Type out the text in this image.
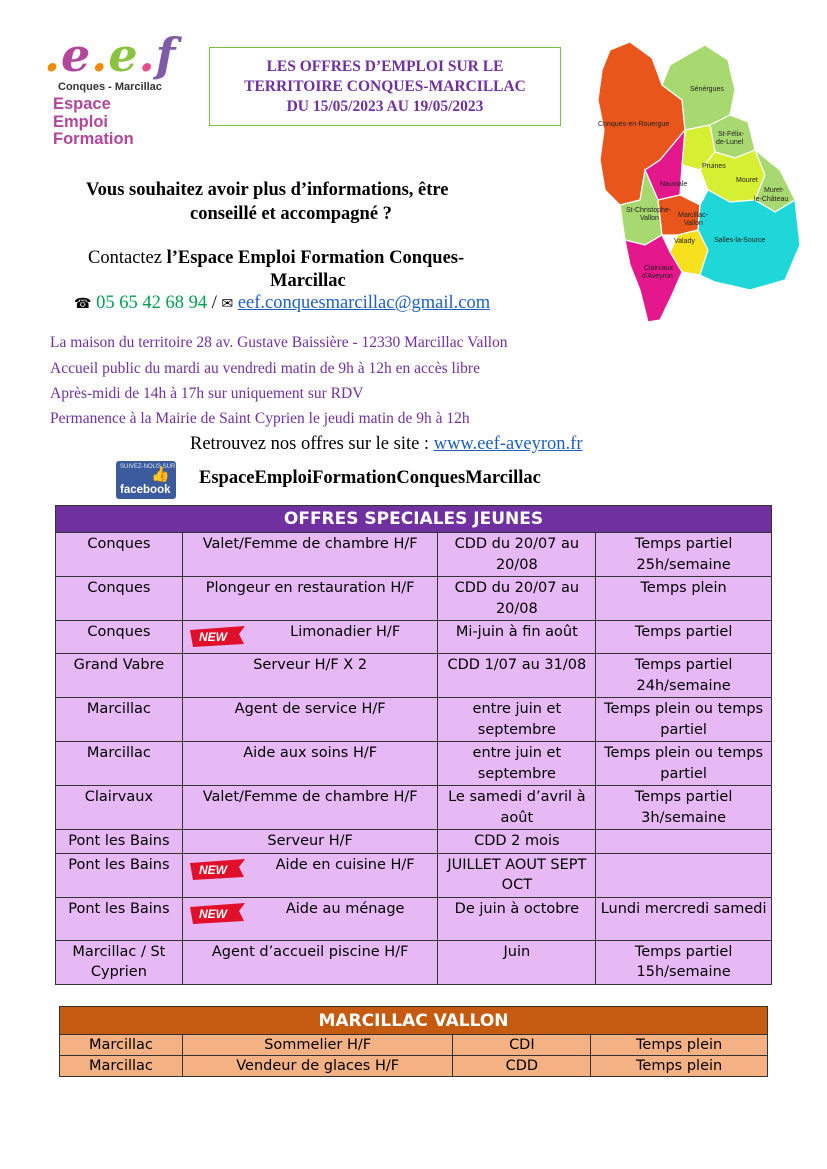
.e.e.f
Conques - Marcillac
Espace
Emploi
Formation
LES OFFRES D’EMPLOI SUR LE
TERRITOIRE CONQUES-MARCILLAC
DU 15/05/2023 AU 19/05/2023
Sénérgues
Conques-en-Rouergue
St-Félix-
de-Lunel
Pruines
Nauviale
Mouret
Muret-
le-Château
St-Christophe-
Vallon	Marcillac-
Vallon
Valady	Salles-la-Source
Clairvaux
d'Aveyron
Vous souhaitez avoir plus d’informations, être
conseillé et accompagné ?
Contactez l’Espace Emploi Formation Conques-
Marcillac
☎ 05 65 42 68 94 / ✉ eef.conquesmarcillac@gmail.com
La maison du territoire 28 av. Gustave Baissière - 12330 Marcillac Vallon
Accueil public du mardi au vendredi matin de 9h à 12h en accès libre
Après-midi de 14h à 17h sur uniquement sur RDV
Permanence à la Mairie de Saint Cyprien le jeudi matin de 9h à 12h
Retrouvez nos offres sur le site : www.eef-aveyron.fr
SUIVEZ-NOUS SUR
👍
facebook
EspaceEmploiFormationConquesMarcillac
OFFRES SPECIALES JEUNES			
Conques	Valet/Femme de chambre H/F	CDD du 20/07 au 20/08	Temps partiel 25h/semaine
Conques	Plongeur en restauration H/F	CDD du 20/07 au 20/08	Temps plein
Conques	NEW Limonadier H/F	Mi-juin à fin août	Temps partiel
Grand Vabre	Serveur H/F X 2	CDD 1/07 au 31/08	Temps partiel 24h/semaine
Marcillac	Agent de service H/F	entre juin et septembre	Temps plein ou temps partiel
Marcillac	Aide aux soins H/F	entre juin et septembre	Temps plein ou temps partiel
Clairvaux	Valet/Femme de chambre H/F	Le samedi d’avril à août	Temps partiel 3h/semaine
Pont les Bains	Serveur H/F	CDD 2 mois	
Pont les Bains	NEW Aide en cuisine H/F	JUILLET AOUT SEPT OCT	
Pont les Bains	NEW Aide au ménage	De juin à octobre	Lundi mercredi samedi
Marcillac / St Cyprien	Agent d’accueil piscine H/F	Juin	Temps partiel 15h/semaine
MARCILLAC VALLON			
Marcillac	Sommelier H/F	CDI	Temps plein
Marcillac	Vendeur de glaces H/F	CDD	Temps plein
